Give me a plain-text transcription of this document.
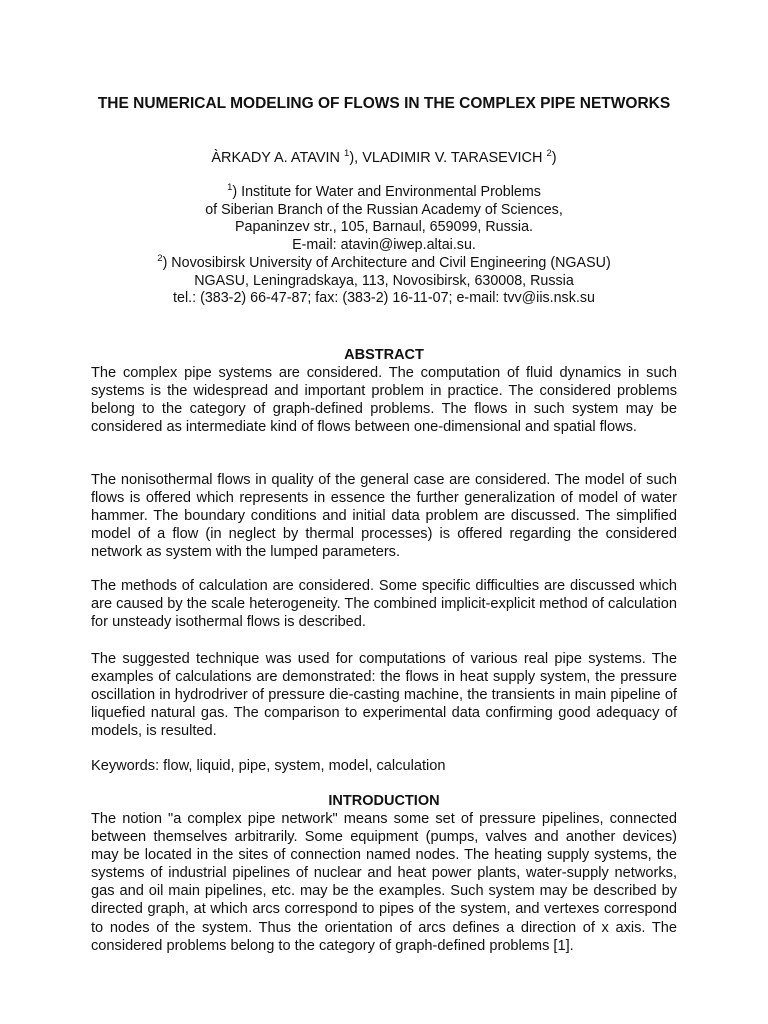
THE NUMERICAL MODELING OF FLOWS IN THE COMPLEX PIPE NETWORKS
ÀRKADY A. ATAVIN $^1$), VLADIMIR V. TARASEVICH $^2$)
$^1$) Institute for Water and Environmental Problems
of Siberian Branch of the Russian Academy of Sciences,
Papaninzev str., 105, Barnaul, 659099, Russia.
E-mail: atavin@iwep.altai.su.
$^2$) Novosibirsk University of Architecture and Civil Engineering (NGASU)
NGASU, Leningradskaya, 113, Novosibirsk, 630008, Russia
tel.: (383-2) 66-47-87; fax: (383-2) 16-11-07; e-mail: tvv@iis.nsk.su
ABSTRACT

The complex pipe systems are considered. The computation of fluid dynamics in such systems is the widespread and important problem in practice. The considered problems belong to the category of graph-defined problems. The flows in such system may be considered as intermediate kind of flows between one-dimensional and spatial flows.

The nonisothermal flows in quality of the general case are considered. The model of such flows is offered which represents in essence the further generalization of model of water hammer. The boundary conditions and initial data problem are discussed. The simplified model of a flow (in neglect by thermal processes) is offered regarding the considered network as system with the lumped parameters.

The methods of calculation are considered. Some specific difficulties are discussed which are caused by the scale heterogeneity. The combined implicit-explicit method of calculation for unsteady isothermal flows is described.

The suggested technique was used for computations of various real pipe systems. The examples of calculations are demonstrated: the flows in heat supply system, the pressure oscillation in hydrodriver of pressure die-casting machine, the transients in main pipeline of liquefied natural gas. The comparison to experimental data confirming good adequacy of models, is resulted.

Keywords: flow, liquid, pipe, system, model, calculation

INTRODUCTION

The notion "a complex pipe network" means some set of pressure pipelines, connected between themselves arbitrarily. Some equipment (pumps, valves and another devices) may be located in the sites of connection named nodes. The heating supply systems, the systems of industrial pipelines of nuclear and heat power plants, water-supply networks, gas and oil main pipelines, etc. may be the examples. Such system may be described by directed graph, at which arcs correspond to pipes of the system, and vertexes correspond to nodes of the system. Thus the orientation of arcs defines a direction of x axis. The considered problems belong to the category of graph-defined problems [1].
